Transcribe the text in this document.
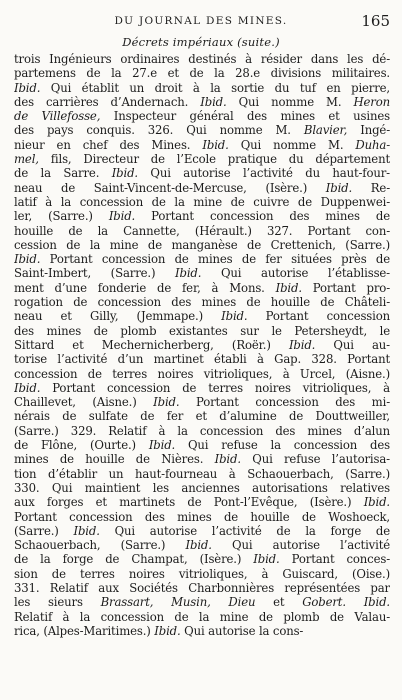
DU JOURNAL DES MINES.	165
Décrets impériaux (suite.)
trois Ingénieurs ordinaires destinés à résider dans les dé-
partemens de la 27.e et de la 28.e divisions militaires.
Ibid. Qui établit un droit à la sortie du tuf en pierre,
des carrières d’Andernach. Ibid. Qui nomme M. Heron
de Villefosse, Inspecteur général des mines et usines
des pays conquis. 326. Qui nomme M. Blavier, Ingé-
nieur en chef des Mines. Ibid. Qui nomme M. Duha-
mel, fils, Directeur de l’Ecole pratique du département
de la Sarre. Ibid. Qui autorise l’activité du haut-four-
neau de Saint-Vincent-de-Mercuse, (Isère.) Ibid. Re-
latif à la concession de la mine de cuivre de Duppenwei-
ler, (Sarre.) Ibid. Portant concession des mines de
houille de la Cannette, (Hérault.) 327. Portant con-
cession de la mine de manganèse de Crettenich, (Sarre.)
Ibid. Portant concession de mines de fer situées près de
Saint-Imbert, (Sarre.) Ibid. Qui autorise l’établisse-
ment d’une fonderie de fer, à Mons. Ibid. Portant pro-
rogation de concession des mines de houille de Châteli-
neau et Gilly, (Jemmape.) Ibid. Portant concession
des mines de plomb existantes sur le Petersheydt, le
Sittard et Mechernicherberg, (Roër.) Ibid. Qui au-
torise l’activité d’un martinet établi à Gap. 328. Portant
concession de terres noires vitrioliques, à Urcel, (Aisne.)
Ibid. Portant concession de terres noires vitrioliques, à
Chaillevet, (Aisne.) Ibid. Portant concession des mi-
nérais de sulfate de fer et d’alumine de Douttweiller,
(Sarre.) 329. Relatif à la concession des mines d’alun
de Flône, (Ourte.) Ibid. Qui refuse la concession des
mines de houille de Nières. Ibid. Qui refuse l’autorisa-
tion d’établir un haut-fourneau à Schaouerbach, (Sarre.)
330. Qui maintient les anciennes autorisations relatives
aux forges et martinets de Pont-l’Evêque, (Isère.) Ibid.
Portant concession des mines de houille de Woshoeck,
(Sarre.) Ibid. Qui autorise l’activité de la forge de
Schaouerbach, (Sarre.) Ibid. Qui autorise l’activité
de la forge de Champat, (Isère.) Ibid. Portant conces-
sion de terres noires vitrioliques, à Guiscard, (Oise.)
331. Relatif aux Sociétés Charbonnières représentées par
les sieurs Brassart, Musin, Dieu et Gobert. Ibid.
Relatif à la concession de la mine de plomb de Valau-
rica, (Alpes-Maritimes.) Ibid. Qui autorise la cons-
